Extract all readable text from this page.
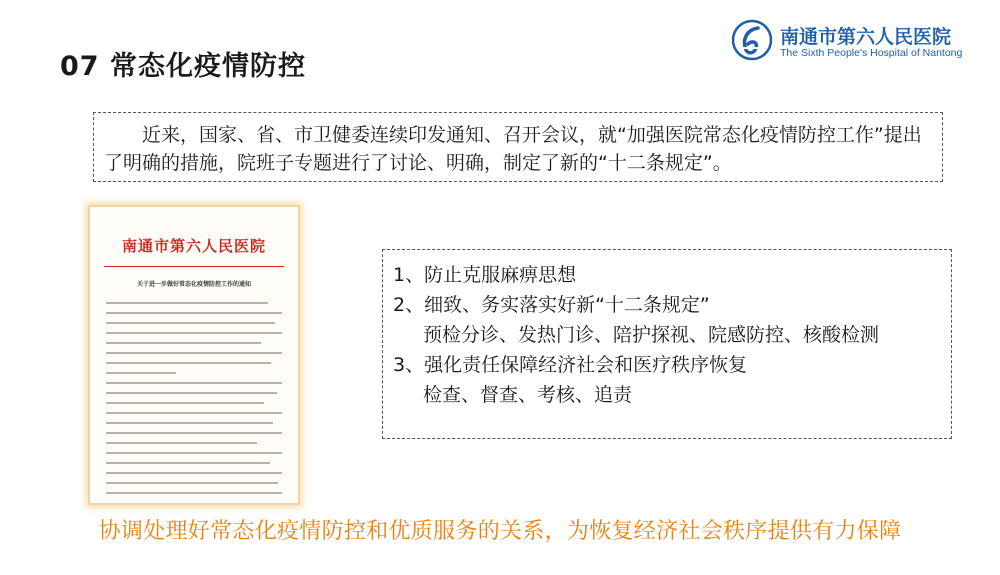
07 常态化疫情防控
南通市第六人民医院
The Sixth People's Hospital of Nantong
近来，国家、省、市卫健委连续印发通知、召开会议，就“加强医院常态化疫情防控工作”提出了明确的措施，院班子专题进行了讨论、明确，制定了新的“十二条规定”。
南通市第六人民医院
关于进一步做好常态化疫情防控工作的通知	1、防止克服麻痹思想
2、细致、务实落实好新“十二条规定”
预检分诊、发热门诊、陪护探视、院感防控、核酸检测
3、强化责任保障经济社会和医疗秩序恢复
检查、督查、考核、追责
协调处理好常态化疫情防控和优质服务的关系，为恢复经济社会秩序提供有力保障
